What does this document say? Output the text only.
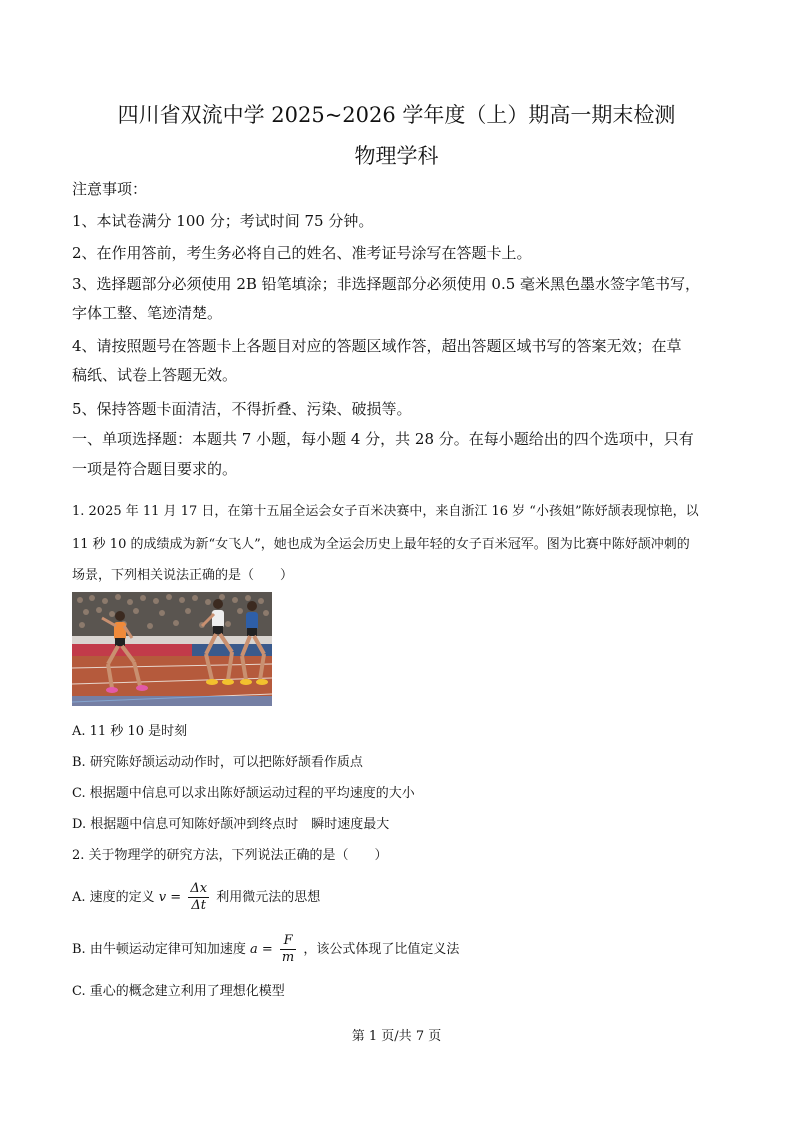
四川省双流中学 2025~2026 学年度（上）期高一期末检测
物理学科
注意事项：
1、本试卷满分 100 分；考试时间 75 分钟。
2、在作用答前，考生务必将自己的姓名、准考证号涂写在答题卡上。
3、选择题部分必须使用 2B 铅笔填涂；非选择题部分必须使用 0.5 毫米黑色墨水签字笔书写，
字体工整、笔迹清楚。
4、请按照题号在答题卡上各题目对应的答题区域作答，超出答题区域书写的答案无效；在草
稿纸、试卷上答题无效。
5、保持答题卡面清洁，不得折叠、污染、破损等。
一、单项选择题：本题共 7 小题，每小题 4 分，共 28 分。在每小题给出的四个选项中，只有
一项是符合题目要求的。
1. 2025 年 11 月 17 日，在第十五届全运会女子百米决赛中，来自浙江 16 岁 “小孩姐”陈妤颉表现惊艳，以
11 秒 10 的成绩成为新“女飞人”，她也成为全运会历史上最年轻的女子百米冠军。图为比赛中陈妤颉冲刺的
场景，下列相关说法正确的是（　　）
A. 11 秒 10 是时刻
B. 研究陈妤颉运动动作时，可以把陈妤颉看作质点
C. 根据题中信息可以求出陈妤颉运动过程的平均速度的大小
D. 根据题中信息可知陈妤颉冲到终点时　瞬时速度最大
2. 关于物理学的研究方法，下列说法正确的是（　　）
A. 速度的定义 $v = \frac{\Delta x}{\Delta t}$ 利用微元法的思想
B. 由牛顿运动定律可知加速度 $a = \frac{F}{m}$ ，该公式体现了比值定义法
C. 重心的概念建立利用了理想化模型
第 1 页/共 7 页
